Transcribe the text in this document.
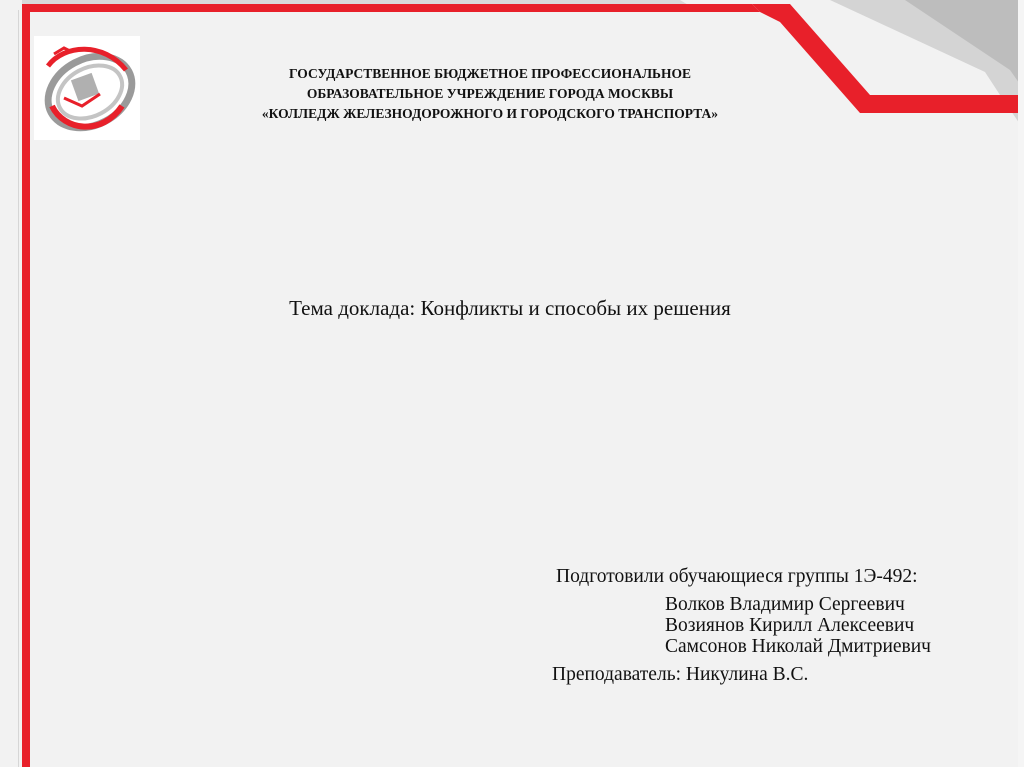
ГОСУДАРСТВЕННОЕ БЮДЖЕТНОЕ ПРОФЕССИОНАЛЬНОЕ
ОБРАЗОВАТЕЛЬНОЕ УЧРЕЖДЕНИЕ ГОРОДА МОСКВЫ
«КОЛЛЕДЖ ЖЕЛЕЗНОДОРОЖНОГО И ГОРОДСКОГО ТРАНСПОРТА»
Тема доклада: Конфликты и способы их решения
Подготовили обучающиеся группы 1Э-492:
Волков Владимир Сергеевич
Возиянов Кирилл Алексеевич
Самсонов Николай Дмитриевич
Преподаватель: Никулина В.С.
